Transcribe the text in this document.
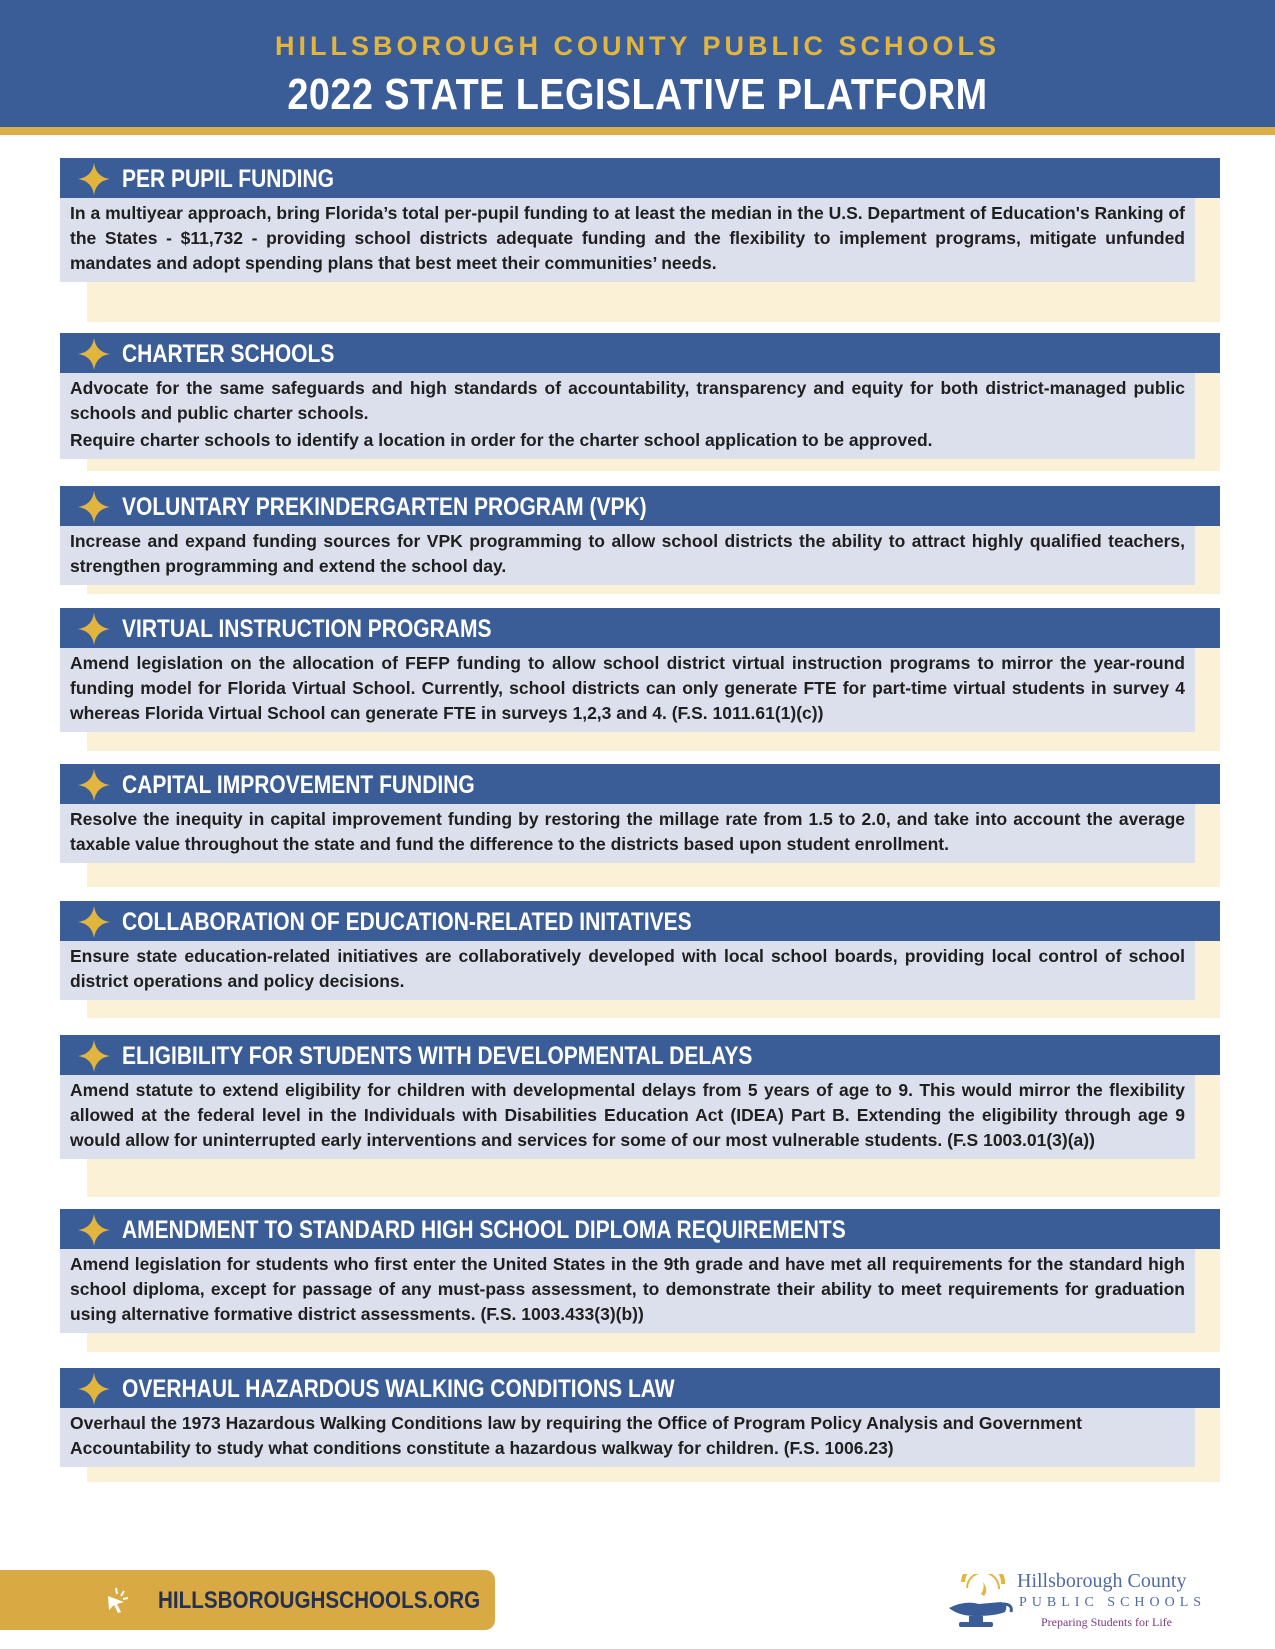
HILLSBOROUGH COUNTY PUBLIC SCHOOLS
2022 STATE LEGISLATIVE PLATFORM
PER PUPIL FUNDING

In a multiyear approach, bring Florida’s total per-pupil funding to at least the median in the U.S. Department of Education's Ranking of the States - $11,732 - providing school districts adequate funding and the flexibility to implement programs, mitigate unfunded mandates and adopt spending plans that best meet their communities’ needs.

CHARTER SCHOOLS

Advocate for the same safeguards and high standards of accountability, transparency and equity for both district-managed public schools and public charter schools.

Require charter schools to identify a location in order for the charter school application to be approved.

VOLUNTARY PREKINDERGARTEN PROGRAM (VPK)

Increase and expand funding sources for VPK programming to allow school districts the ability to attract highly qualified teachers, strengthen programming and extend the school day.

VIRTUAL INSTRUCTION PROGRAMS

Amend legislation on the allocation of FEFP funding to allow school district virtual instruction programs to mirror the year-round funding model for Florida Virtual School. Currently, school districts can only generate FTE for part-time virtual students in survey 4 whereas Florida Virtual School can generate FTE in surveys 1,2,3 and 4. (F.S. 1011.61(1)(c))

CAPITAL IMPROVEMENT FUNDING

Resolve the inequity in capital improvement funding by restoring the millage rate from 1.5 to 2.0, and take into account the average taxable value throughout the state and fund the difference to the districts based upon student enrollment.

COLLABORATION OF EDUCATION-RELATED INITATIVES

Ensure state education-related initiatives are collaboratively developed with local school boards, providing local control of school district operations and policy decisions.

ELIGIBILITY FOR STUDENTS WITH DEVELOPMENTAL DELAYS

Amend statute to extend eligibility for children with developmental delays from 5 years of age to 9. This would mirror the flexibility allowed at the federal level in the Individuals with Disabilities Education Act (IDEA) Part B. Extending the eligibility through age 9 would allow for uninterrupted early interventions and services for some of our most vulnerable students. (F.S 1003.01(3)(a))

AMENDMENT TO STANDARD HIGH SCHOOL DIPLOMA REQUIREMENTS

Amend legislation for students who first enter the United States in the 9th grade and have met all requirements for the standard high school diploma, except for passage of any must-pass assessment, to demonstrate their ability to meet requirements for graduation using alternative formative district assessments. (F.S. 1003.433(3)(b))

OVERHAUL HAZARDOUS WALKING CONDITIONS LAW

Overhaul the 1973 Hazardous Walking Conditions law by requiring the Office of Program Policy Analysis and Government Accountability to study what conditions constitute a hazardous walkway for children. (F.S. 1006.23)

HILLSBOROUGHSCHOOLS.ORG
Hillsborough County
PUBLIC SCHOOLS
Preparing Students for Life
